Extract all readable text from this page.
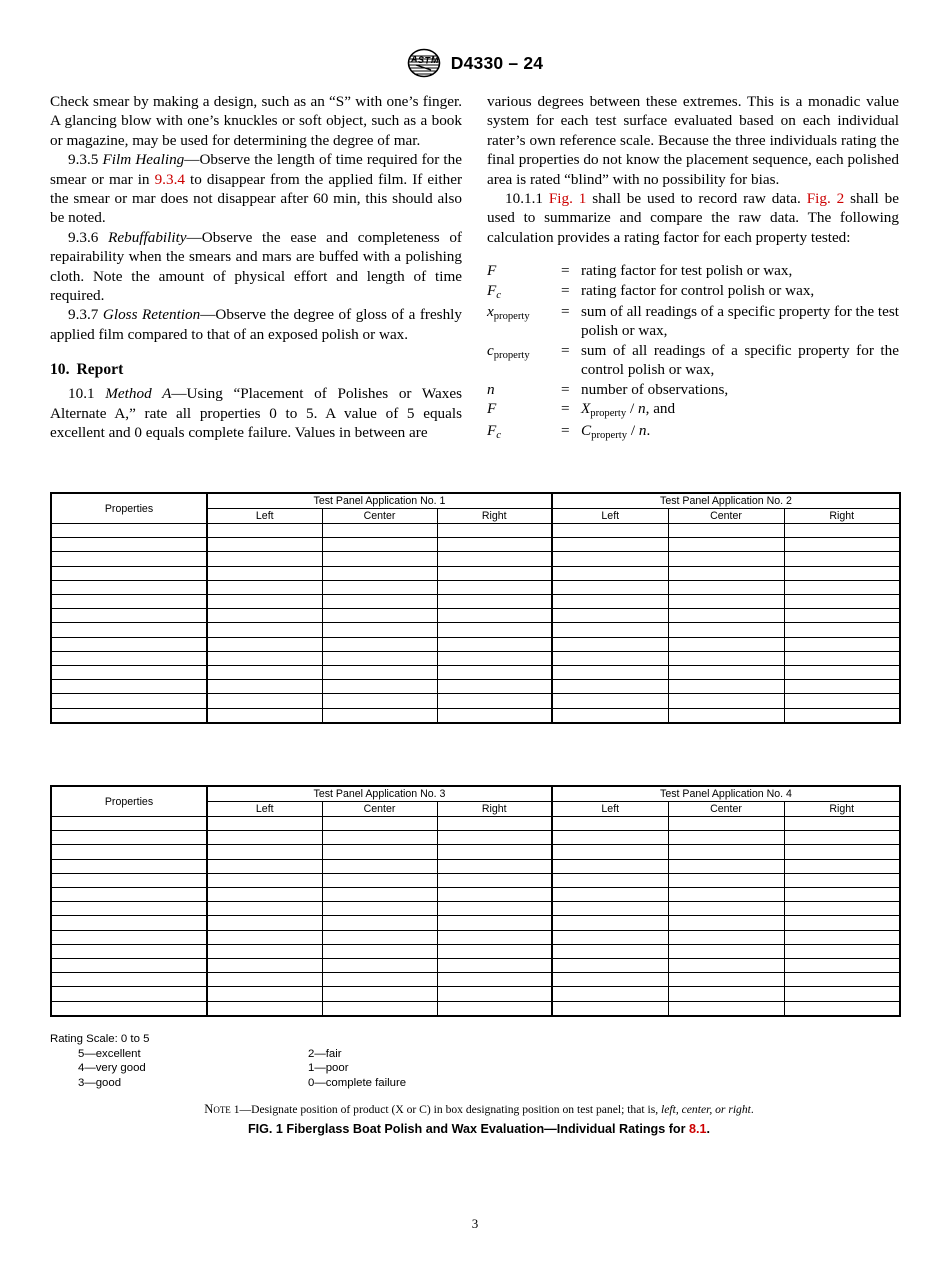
A S T M D4330 – 24

Check smear by making a design, such as an “S” with one’s finger. A glancing blow with one’s knuckles or soft object, such as a book or magazine, may be used for determining the degree of mar.

9.3.5 Film Healing—Observe the length of time required for the smear or mar in 9.3.4 to disappear from the applied film. If either the smear or mar does not disappear after 60 min, this should also be noted.

9.3.6 Rebuffability—Observe the ease and completeness of repairability when the smears and mars are buffed with a polishing cloth. Note the amount of physical effort and length of time required.

9.3.7 Gloss Retention—Observe the degree of gloss of a freshly applied film compared to that of an exposed polish or wax.

10. Report

10.1 Method A—Using “Placement of Polishes or Waxes Alternate A,” rate all properties 0 to 5. A value of 5 equals excellent and 0 equals complete failure. Values in between are

various degrees between these extremes. This is a monadic value system for each test surface evaluated based on each individual rater’s own reference scale. Because the three individuals rating the final properties do not know the placement sequence, each polished area is rated “blind” with no possibility for bias.

10.1.1 Fig. 1 shall be used to record raw data. Fig. 2 shall be used to summarize and compare the raw data. The following calculation provides a rating factor for each property tested:

F	=	rating factor for test polish or wax,
$F_c$	=	rating factor for control polish or wax,
$x_{property}$	=	sum of all readings of a specific property for the test polish or wax,
$c_{property}$	=	sum of all readings of a specific property for the control polish or wax,
n	=	number of observations,
F	=	$X_{property}$ / n, and
$F_c$	=	$C_{property}$ / n.
Properties	Test Panel Application No. 1			Test Panel Application No. 2		
	Left	Center	Right	Left	Center	Right

Properties	Test Panel Application No. 3			Test Panel Application No. 4		
	Left	Center	Right	Left	Center	Right

Rating Scale: 0 to 5
5—excellent	2—fair
4—very good	1—poor
3—good	0—complete failure
Note 1—Designate position of product (X or C) in box designating position on test panel; that is, left, center, or right.
FIG. 1 Fiberglass Boat Polish and Wax Evaluation—Individual Ratings for 8.1.
3
